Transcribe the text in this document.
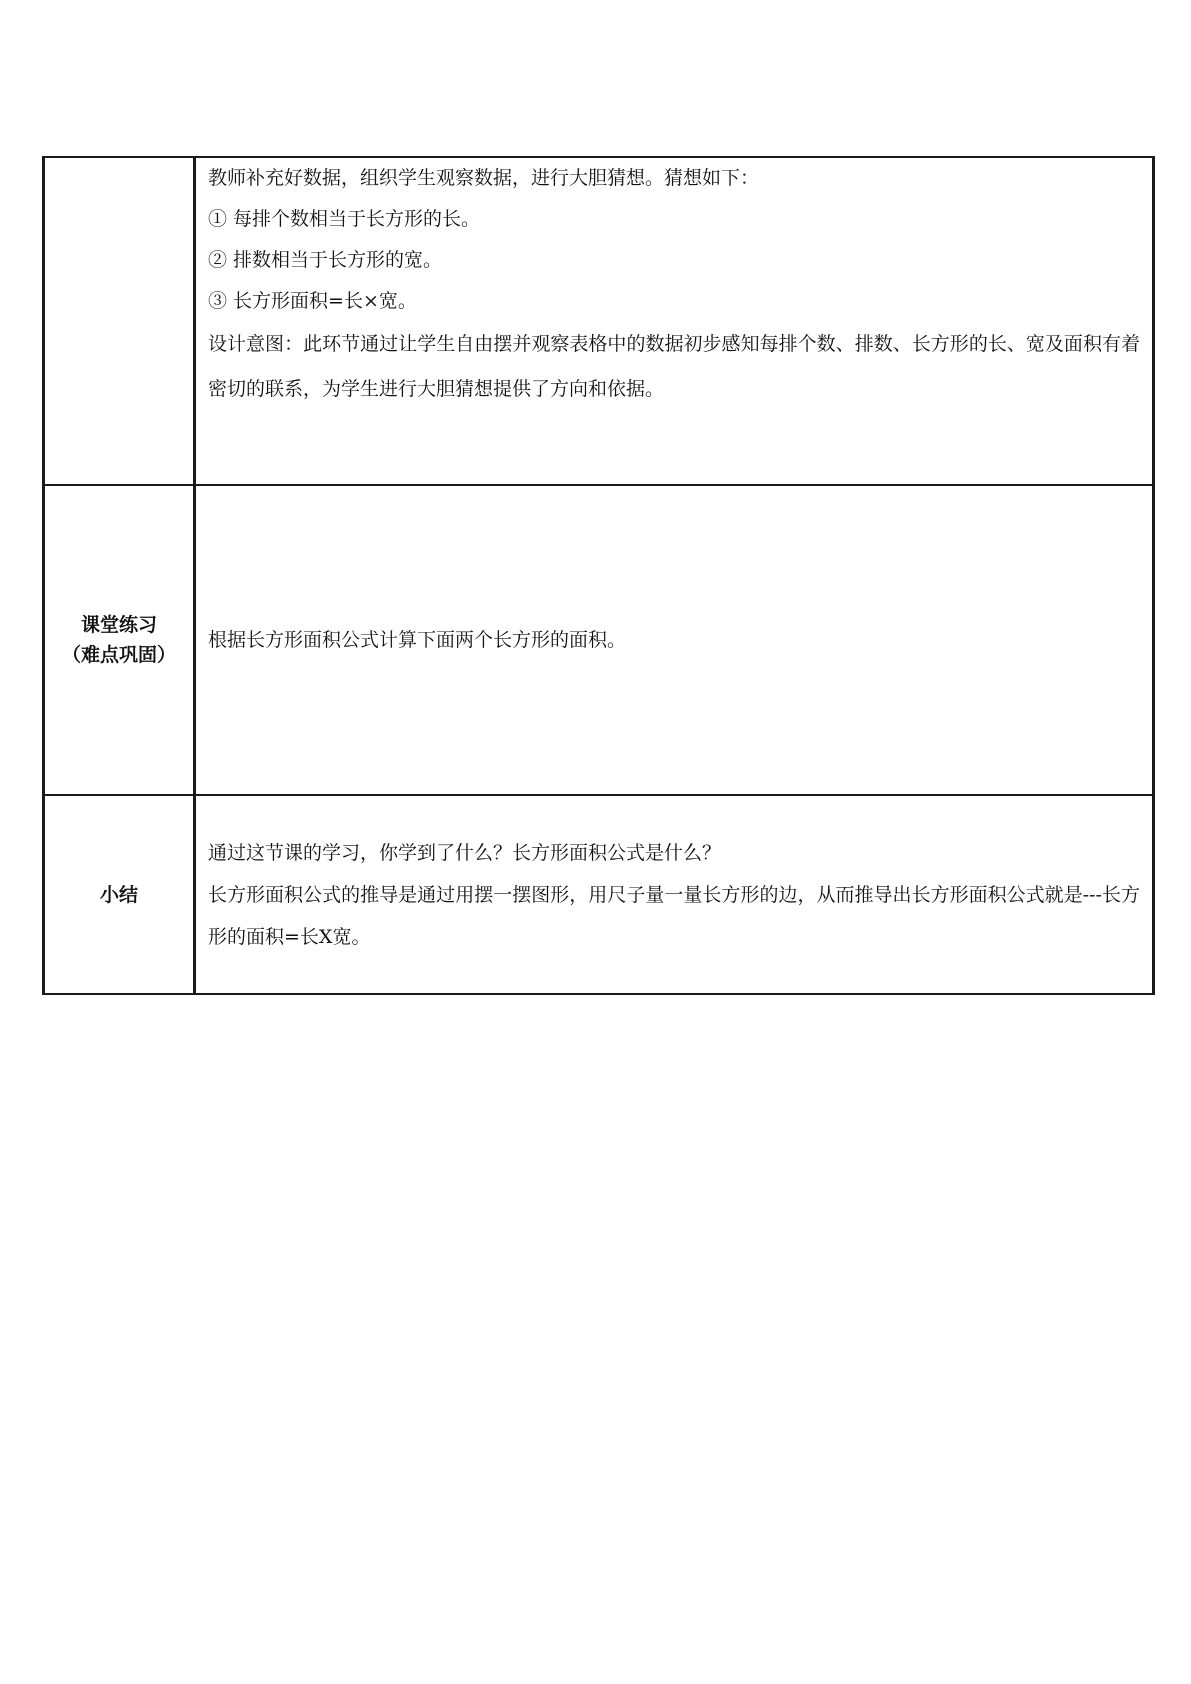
	教师补充好数据，组织学生观察数据，进行大胆猜想。猜想如下：

① 每排个数相当于长方形的长。

② 排数相当于长方形的宽。

③ 长方形面积=长×宽。

设计意图：此环节通过让学生自由摆并观察表格中的数据初步感知每排个数、排数、长方形的长、宽及面积有着密切的联系，为学生进行大胆猜想提供了方向和依据。

课堂练习
（难点巩固）	根据长方形面积公式计算下面两个长方形的面积。

小结	通过这节课的学习，你学到了什么？长方形面积公式是什么？

长方形面积公式的推导是通过用摆一摆图形，用尺子量一量长方形的边，从而推导出长方形面积公式就是---长方形的面积=长Χ宽。
